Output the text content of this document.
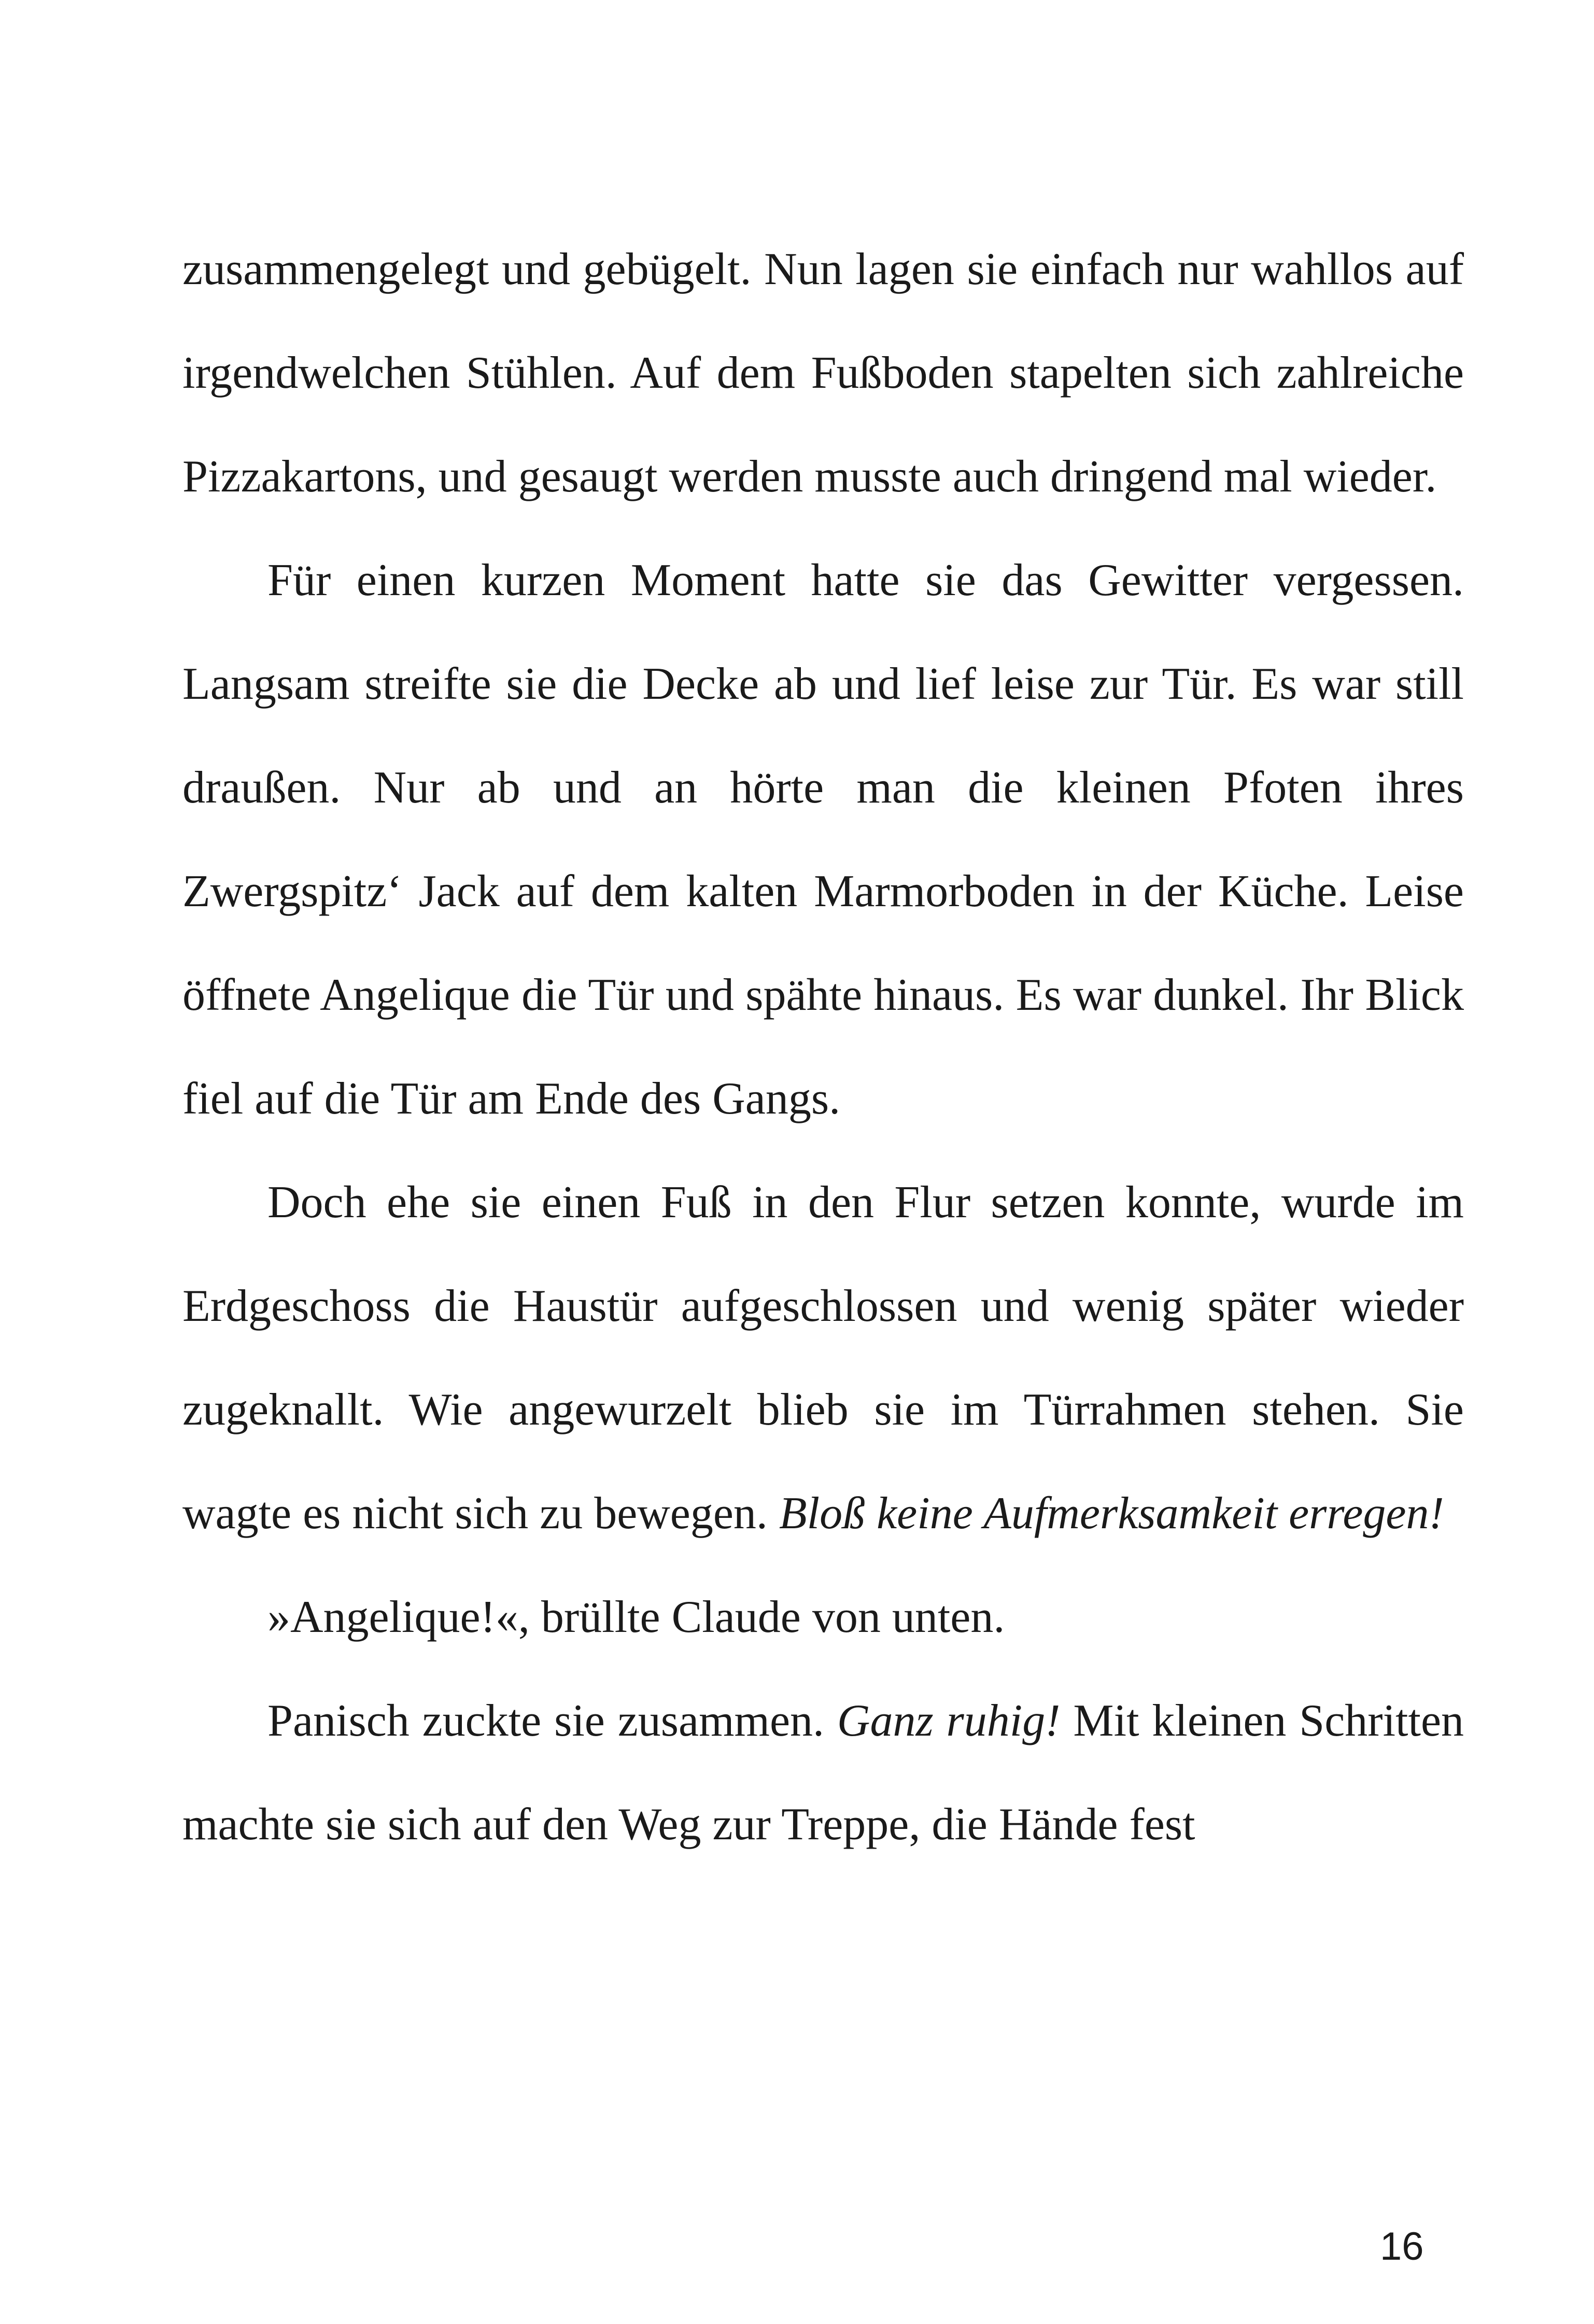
zusammengelegt und gebügelt. Nun lagen sie einfach nur wahllos auf irgendwelchen Stühlen. Auf dem Fußboden stapelten sich zahlreiche Pizzakartons, und gesaugt werden musste auch dringend mal wieder.

Für einen kurzen Moment hatte sie das Gewitter vergessen. Langsam streifte sie die Decke ab und lief leise zur Tür. Es war still draußen. Nur ab und an hörte man die kleinen Pfoten ihres Zwergspitz‘ Jack auf dem kalten Marmorboden in der Küche. Leise öffnete Angelique die Tür und spähte hinaus. Es war dunkel. Ihr Blick fiel auf die Tür am Ende des Gangs.

Doch ehe sie einen Fuß in den Flur setzen konnte, wurde im Erdgeschoss die Haustür aufgeschlossen und wenig später wieder zugeknallt. Wie angewurzelt blieb sie im Türrahmen stehen. Sie wagte es nicht sich zu bewegen. Bloß keine Aufmerksamkeit erregen!

»Angelique!«, brüllte Claude von unten.

Panisch zuckte sie zusammen. Ganz ruhig! Mit kleinen Schritten machte sie sich auf den Weg zur Treppe, die Hände fest

16
